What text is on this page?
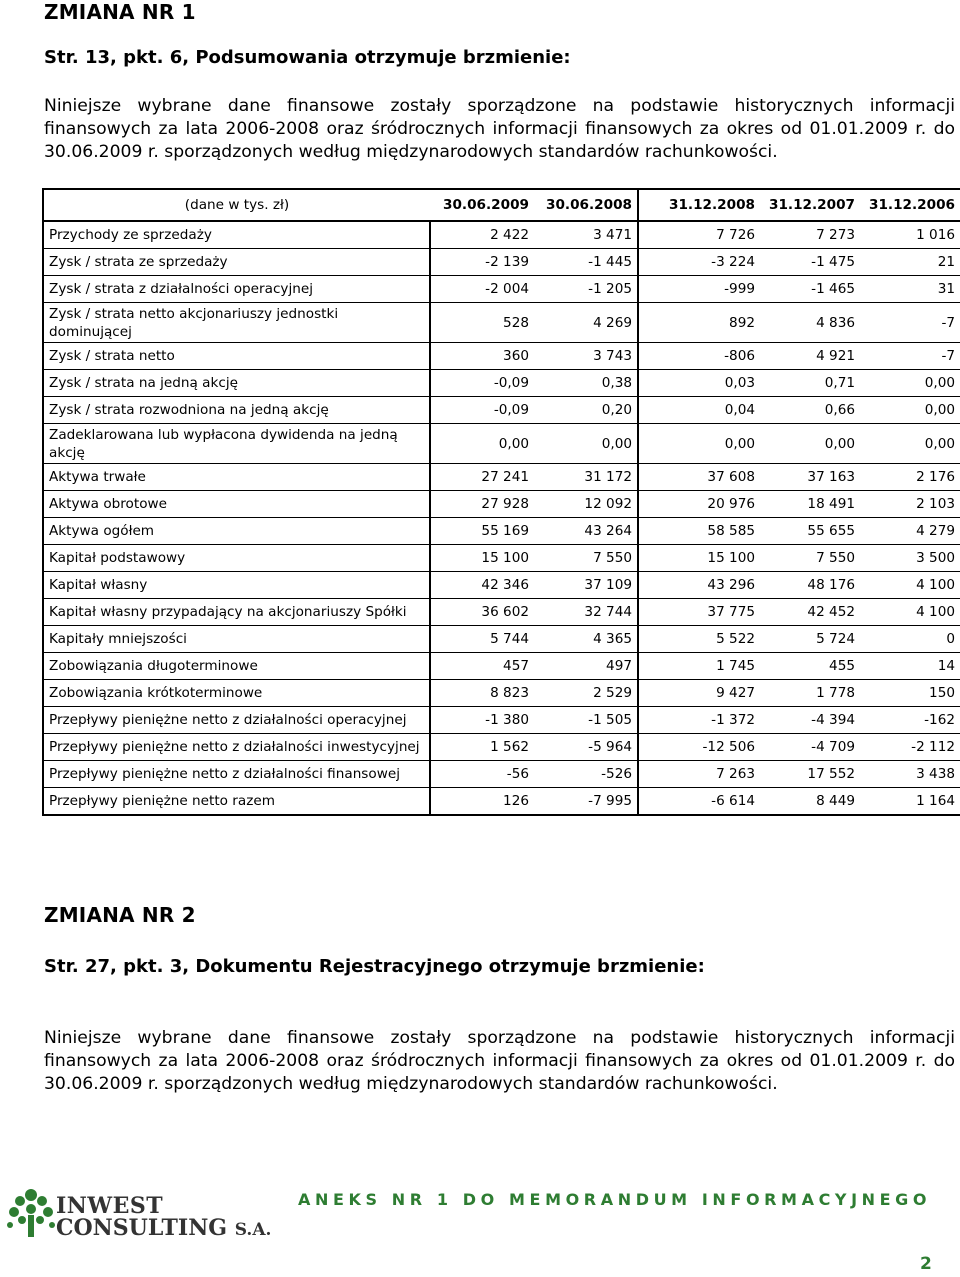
ZMIANA NR 1
Str. 13, pkt. 6, Podsumowania otrzymuje brzmienie:
Niniejsze wybrane dane finansowe zostały sporządzone na podstawie historycznych informacji finansowych za lata 2006-2008 oraz śródrocznych informacji finansowych za okres od 01.01.2009 r. do 30.06.2009 r. sporządzonych według międzynarodowych standardów rachunkowości.
(dane w tys. zł)	30.06.2009	30.06.2008	31.12.2008	31.12.2007	31.12.2006
Przychody ze sprzedaży	2 422	3 471	7 726	7 273	1 016
Zysk / strata ze sprzedaży	-2 139	-1 445	-3 224	-1 475	21
Zysk / strata z działalności operacyjnej	-2 004	-1 205	-999	-1 465	31
Zysk / strata netto akcjonariuszy jednostki dominującej	528	4 269	892	4 836	-7
Zysk / strata netto	360	3 743	-806	4 921	-7
Zysk / strata na jedną akcję	-0,09	0,38	0,03	0,71	0,00
Zysk / strata rozwodniona na jedną akcję	-0,09	0,20	0,04	0,66	0,00
Zadeklarowana lub wypłacona dywidenda na jedną akcję	0,00	0,00	0,00	0,00	0,00
Aktywa trwałe	27 241	31 172	37 608	37 163	2 176
Aktywa obrotowe	27 928	12 092	20 976	18 491	2 103
Aktywa ogółem	55 169	43 264	58 585	55 655	4 279
Kapitał podstawowy	15 100	7 550	15 100	7 550	3 500
Kapitał własny	42 346	37 109	43 296	48 176	4 100
Kapitał własny przypadający na akcjonariuszy Spółki	36 602	32 744	37 775	42 452	4 100
Kapitały mniejszości	5 744	4 365	5 522	5 724	0
Zobowiązania długoterminowe	457	497	1 745	455	14
Zobowiązania krótkoterminowe	8 823	2 529	9 427	1 778	150
Przepływy pieniężne netto z działalności operacyjnej	-1 380	-1 505	-1 372	-4 394	-162
Przepływy pieniężne netto z działalności inwestycyjnej	1 562	-5 964	-12 506	-4 709	-2 112
Przepływy pieniężne netto z działalności finansowej	-56	-526	7 263	17 552	3 438
Przepływy pieniężne netto razem	126	-7 995	-6 614	8 449	1 164
ZMIANA NR 2
Str. 27, pkt. 3, Dokumentu Rejestracyjnego otrzymuje brzmienie:
Niniejsze wybrane dane finansowe zostały sporządzone na podstawie historycznych informacji finansowych za lata 2006-2008 oraz śródrocznych informacji finansowych za okres od 01.01.2009 r. do 30.06.2009 r. sporządzonych według międzynarodowych standardów rachunkowości.
INWEST
CONSULTING S.A.
ANEKS NR 1 DO MEMORANDUM INFORMACYJNEGO
2
